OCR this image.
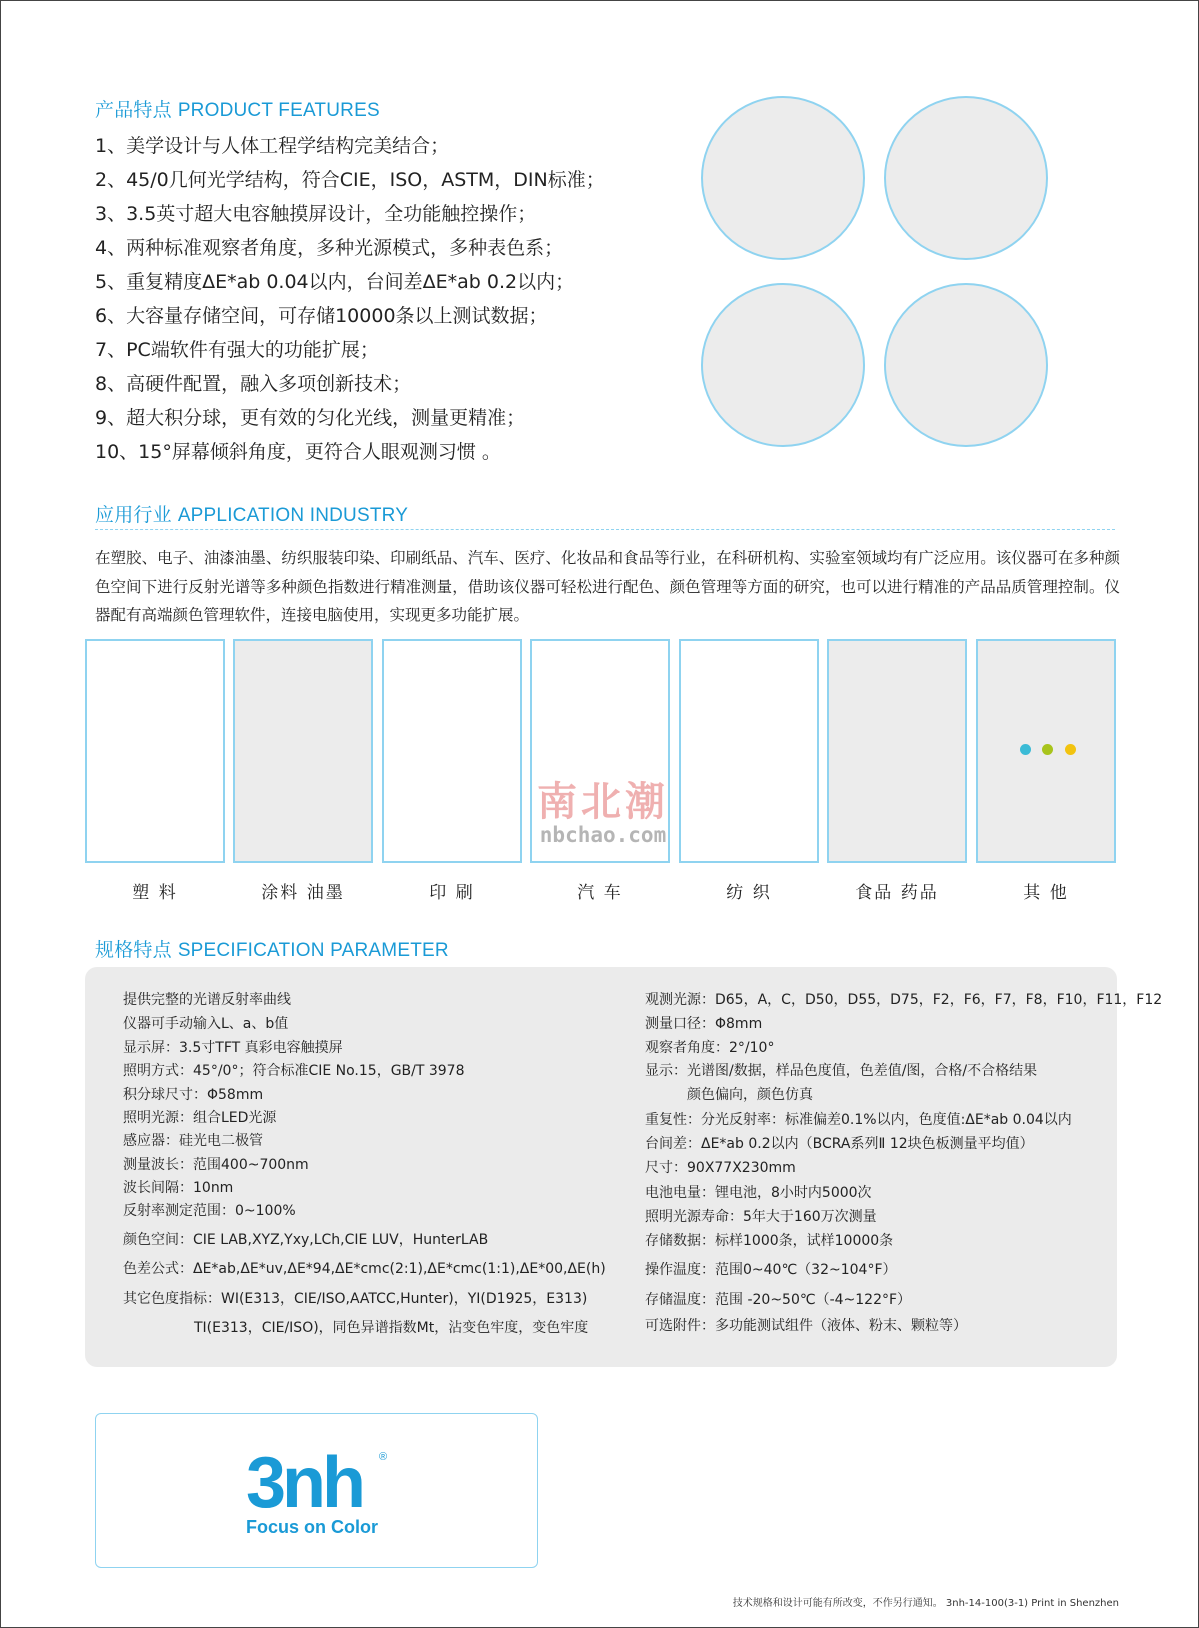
产品特点 PRODUCT FEATURES
1、美学设计与人体工程学结构完美结合；
2、45/0几何光学结构，符合CIE，ISO，ASTM，DIN标准；
3、3.5英寸超大电容触摸屏设计，全功能触控操作；
4、两种标准观察者角度，多种光源模式，多种表色系；
5、重复精度ΔE*ab 0.04以内，台间差ΔE*ab 0.2以内；
6、大容量存储空间，可存储10000条以上测试数据；
7、PC端软件有强大的功能扩展；
8、高硬件配置，融入多项创新技术；
9、超大积分球，更有效的匀化光线，测量更精准；
10、15°屏幕倾斜角度，更符合人眼观测习惯 。
应用行业 APPLICATION INDUSTRY
在塑胶、电子、油漆油墨、纺织服装印染、印刷纸品、汽车、医疗、化妆品和食品等行业，在科研机构、实验室领域均有广泛应用。该仪器可在多种颜色空间下进行反射光谱等多种颜色指数进行精准测量，借助该仪器可轻松进行配色、颜色管理等方面的研究，也可以进行精准的产品品质管理控制。仪器配有高端颜色管理软件，连接电脑使用，实现更多功能扩展。
塑 料	涂料 油墨	印 刷	汽 车	纺 织	食品 药品	其 他
南北潮
nbchao.com
规格特点 SPECIFICATION PARAMETER
提供完整的光谱反射率曲线
仪器可手动输入L、a、b值
显示屏：3.5寸TFT 真彩电容触摸屏
照明方式：45°/0°；符合标准CIE No.15，GB/T 3978
积分球尺寸：Φ58mm
照明光源：组合LED光源
感应器：硅光电二极管
测量波长：范围400~700nm
波长间隔：10nm
反射率测定范围：0~100%
颜色空间：CIE LAB,XYZ,Yxy,LCh,CIE LUV，HunterLAB
色差公式：ΔE*ab,ΔE*uv,ΔE*94,ΔE*cmc(2:1),ΔE*cmc(1:1),ΔE*00,ΔE(h)
其它色度指标：WI(E313，CIE/ISO,AATCC,Hunter)，YI(D1925，E313)
TI(E313，CIE/ISO)，同色异谱指数Mt，沾变色牢度，变色牢度
观测光源：D65，A，C，D50，D55，D75，F2，F6，F7，F8，F10，F11，F12
测量口径：Φ8mm
观察者角度：2°/10°
显示：光谱图/数据，样品色度值，色差值/图，合格/不合格结果
颜色偏向，颜色仿真
重复性：分光反射率：标准偏差0.1%以内，色度值:ΔE*ab 0.04以内
台间差：ΔE*ab 0.2以内（BCRA系列Ⅱ 12块色板测量平均值）
尺寸：90X77X230mm
电池电量：锂电池，8小时内5000次
照明光源寿命：5年大于160万次测量
存储数据：标样1000条，试样10000条
操作温度：范围0~40℃（32~104°F）
存储温度：范围 -20~50℃（-4~122°F）
可选附件：多功能测试组件（液体、粉末、颗粒等）
3nh ®
Focus on Color
技术规格和设计可能有所改变，不作另行通知。 3nh-14-100(3-1) Print in Shenzhen
